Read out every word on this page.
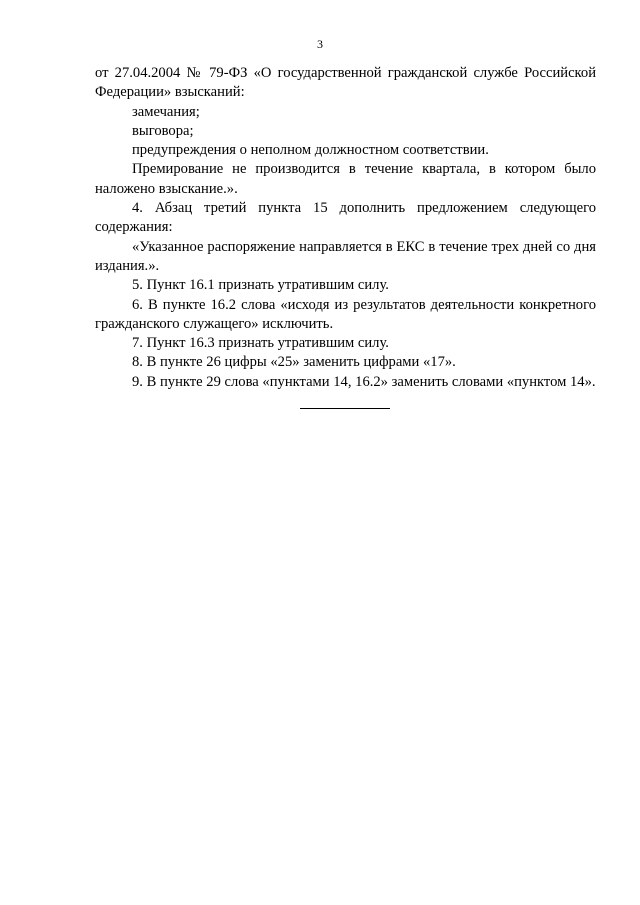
3

от 27.04.2004 № 79-ФЗ «О государственной гражданской службе Российской Федерации» взысканий:

замечания;

выговора;

предупреждения о неполном должностном соответствии.

Премирование не производится в течение квартала, в котором было наложено взыскание.».

4. Абзац третий пункта 15 дополнить предложением следующего содержания:

«Указанное распоряжение направляется в ЕКС в течение трех дней со дня издания.».

5. Пункт 16.1 признать утратившим силу.

6. В пункте 16.2 слова «исходя из результатов деятельности конкретного гражданского служащего» исключить.

7. Пункт 16.3 признать утратившим силу.

8. В пункте 26 цифры «25» заменить цифрами «17».

9. В пункте 29 слова «пунктами 14, 16.2» заменить словами «пунктом 14».
